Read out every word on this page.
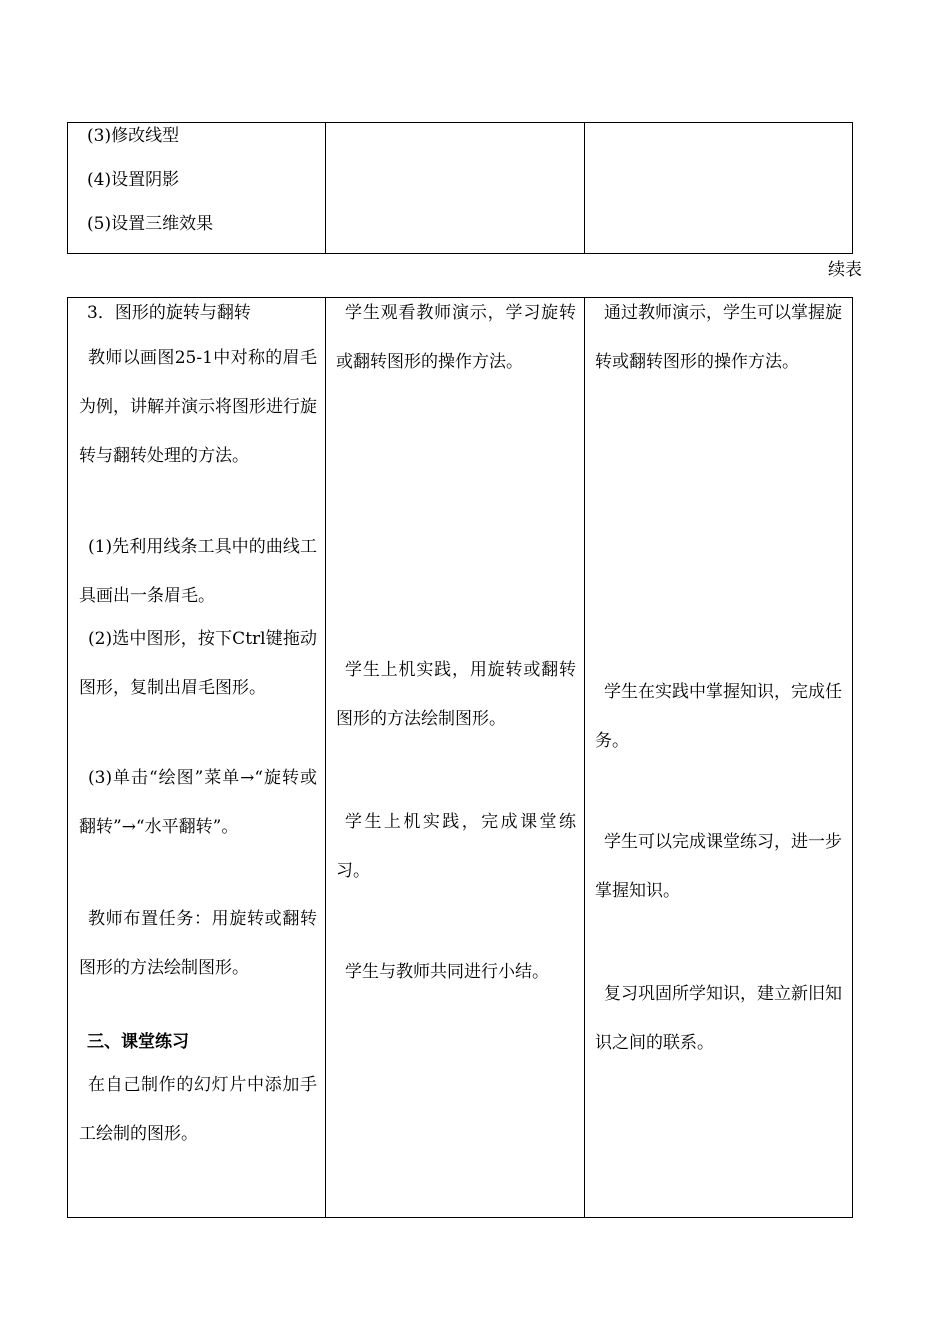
(3)修改线型
(4)设置阴影
(5)设置三维效果
续表
3．图形的旋转与翻转
教师以画图25-1中对称的眉毛为例，讲解并演示将图形进行旋转与翻转处理的方法。
(1)先利用线条工具中的曲线工具画出一条眉毛。
(2)选中图形，按下Ctrl键拖动图形，复制出眉毛图形。
(3)单击“绘图”菜单→“旋转或翻转”→“水平翻转”。
教师布置任务：用旋转或翻转图形的方法绘制图形。
三、课堂练习
在自己制作的幻灯片中添加手工绘制的图形。
学生观看教师演示，学习旋转或翻转图形的操作方法。
学生上机实践，用旋转或翻转图形的方法绘制图形。
学生上机实践，完成课堂练习。
学生与教师共同进行小结。
通过教师演示，学生可以掌握旋转或翻转图形的操作方法。
学生在实践中掌握知识，完成任务。
学生可以完成课堂练习，进一步掌握知识。
复习巩固所学知识，建立新旧知识之间的联系。
